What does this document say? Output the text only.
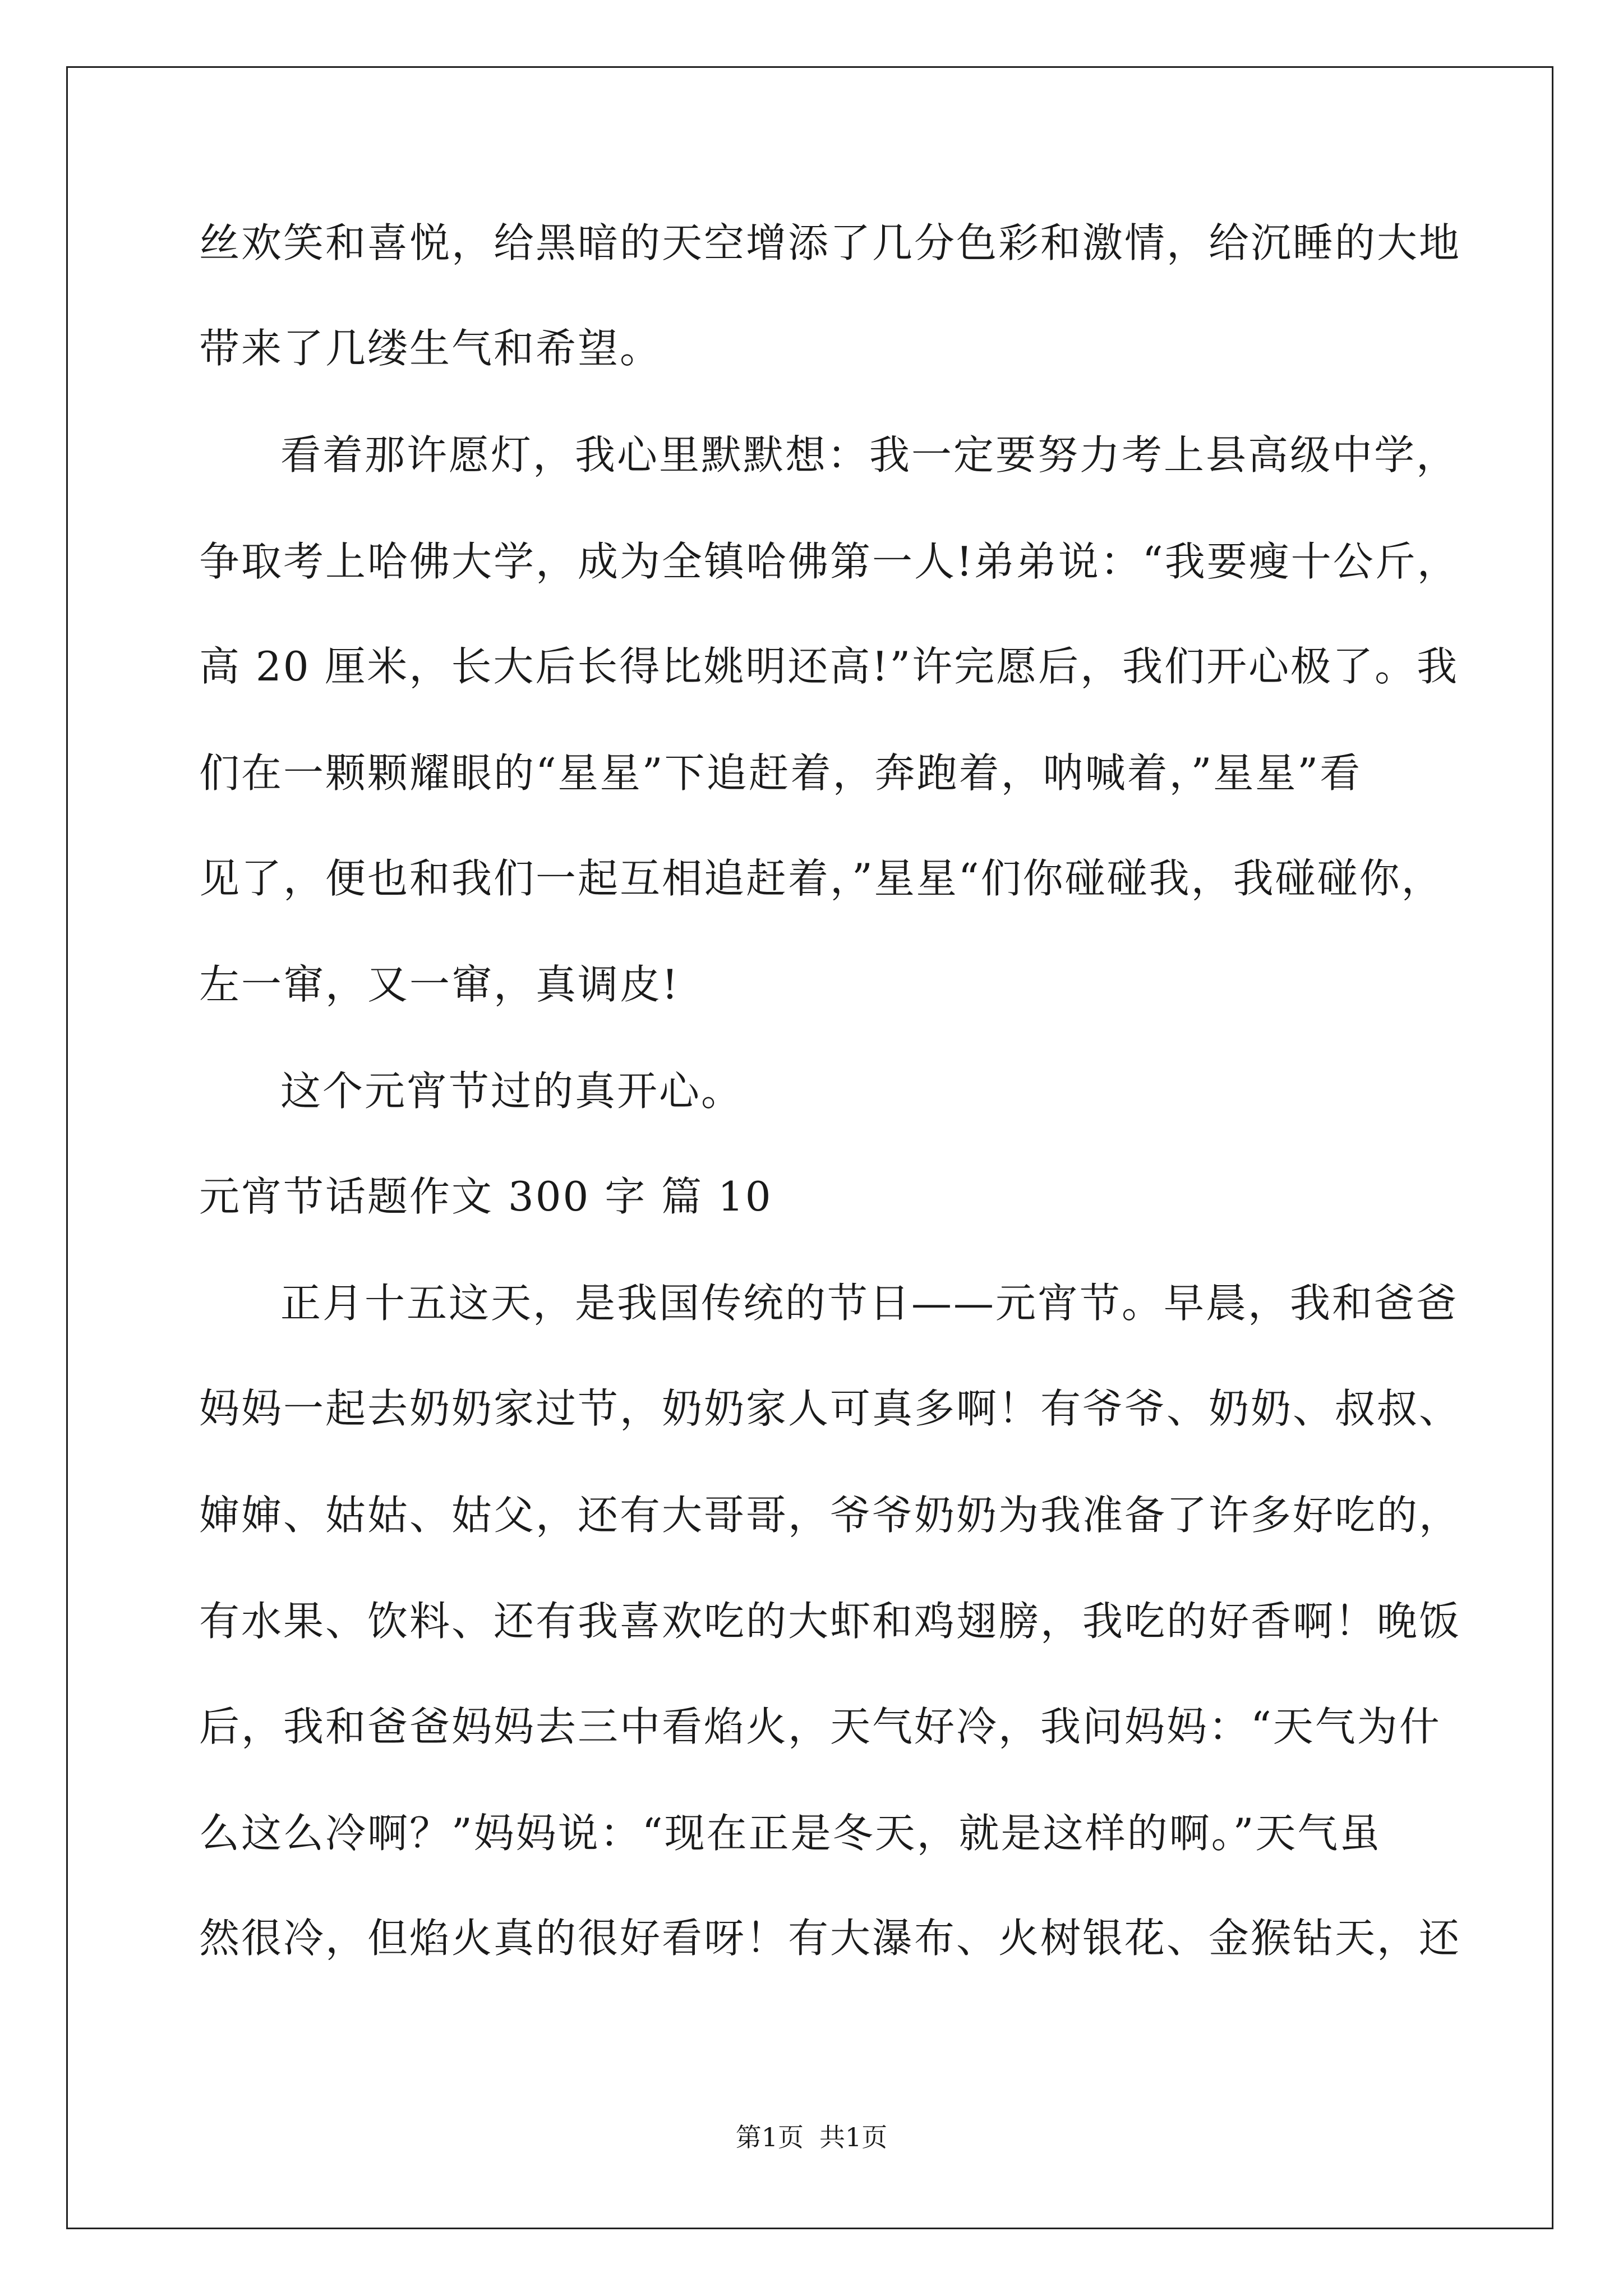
丝欢笑和喜悦，给黑暗的天空增添了几分色彩和激情，给沉睡的大地
带来了几缕生气和希望。
看着那许愿灯，我心里默默想：我一定要努力考上县高级中学，
争取考上哈佛大学，成为全镇哈佛第一人!弟弟说：“我要瘦十公斤，
高 20 厘米，长大后长得比姚明还高!”许完愿后，我们开心极了。我
们在一颗颗耀眼的“星星”下追赶着，奔跑着，呐喊着，”星星”看
见了，便也和我们一起互相追赶着，”星星“们你碰碰我，我碰碰你，
左一窜，又一窜，真调皮!
这个元宵节过的真开心。
元宵节话题作文 300 字 篇 10
正月十五这天，是我国传统的节日——元宵节。早晨，我和爸爸
妈妈一起去奶奶家过节，奶奶家人可真多啊！有爷爷、奶奶、叔叔、
婶婶、姑姑、姑父，还有大哥哥，爷爷奶奶为我准备了许多好吃的，
有水果、饮料、还有我喜欢吃的大虾和鸡翅膀，我吃的好香啊！晚饭
后，我和爸爸妈妈去三中看焰火，天气好冷，我问妈妈：“天气为什
么这么冷啊？”妈妈说：“现在正是冬天，就是这样的啊。”天气虽
然很冷，但焰火真的很好看呀！有大瀑布、火树银花、金猴钻天，还
第1页 共1页
